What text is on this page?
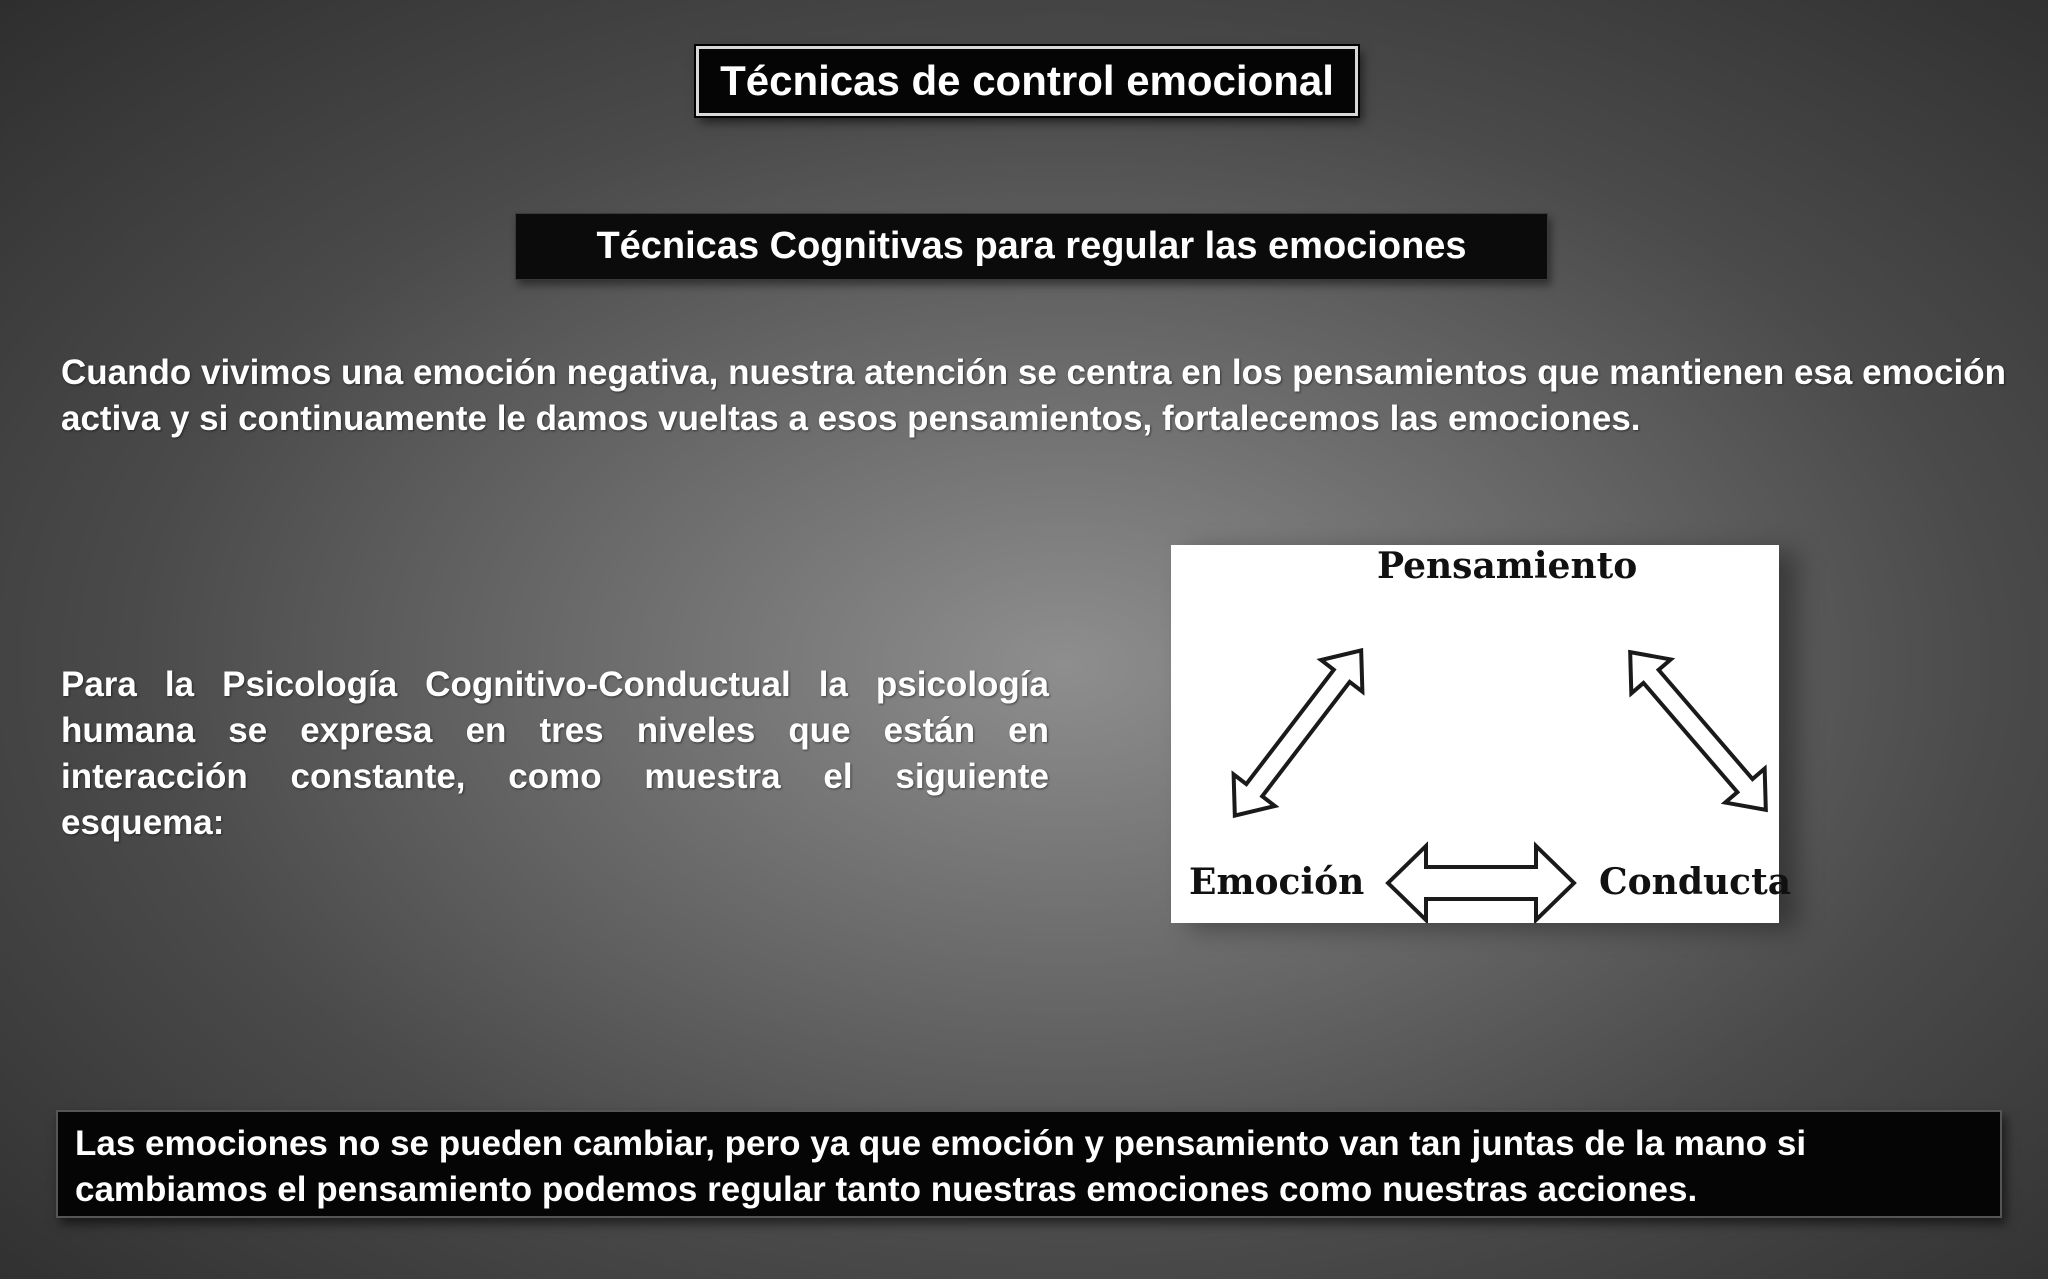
Técnicas de control emocional
Técnicas Cognitivas para regular las emociones

Cuando vivimos una emoción negativa, nuestra atención se centra en los pensamientos que mantienen esa emoción activa y si continuamente le damos vueltas a esos pensamientos, fortalecemos las emociones.

Para la Psicología Cognitivo-Conductual la psicología humana se expresa en tres niveles que están en interacción constante, como muestra el siguiente esquema:

Pensamiento
Emoción	Conducta
Las emociones no se pueden cambiar, pero ya que emoción y pensamiento van tan juntas de la mano si cambiamos el pensamiento podemos regular tanto nuestras emociones como nuestras acciones.
